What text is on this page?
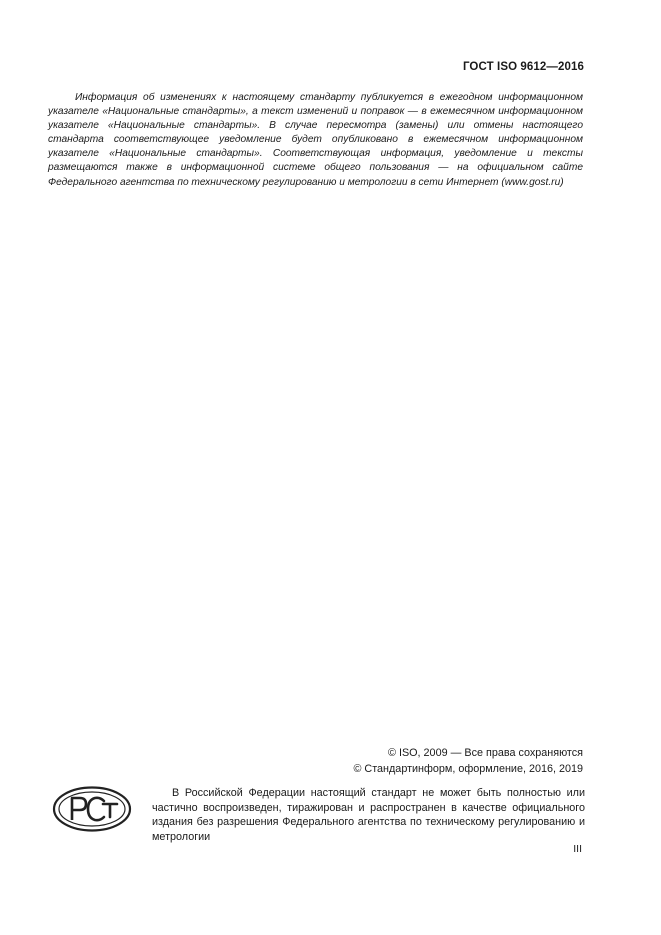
ГОСТ ISO 9612—2016

Информация об изменениях к настоящему стандарту публикуется в ежегодном информационном указателе «Национальные стандарты», а текст изменений и поправок — в ежемесячном информационном указателе «Национальные стандарты». В случае пересмотра (замены) или отмены настоящего стандарта соответствующее уведомление будет опубликовано в ежемесячном информационном указателе «Национальные стандарты». Соответствующая информация, уведомление и тексты размещаются также в информационной системе общего пользования — на официальном сайте Федерального агентства по техническому регулированию и метрологии в сети Интернет (www.gost.ru)

© ISO, 2009 — Все права сохраняются
© Стандартинформ, оформление, 2016, 2019

В Российской Федерации настоящий стандарт не может быть полностью или частично воспроизведен, тиражирован и распространен в качестве официального издания без разрешения Федерального агентства по техническому регулированию и метрологии

III
